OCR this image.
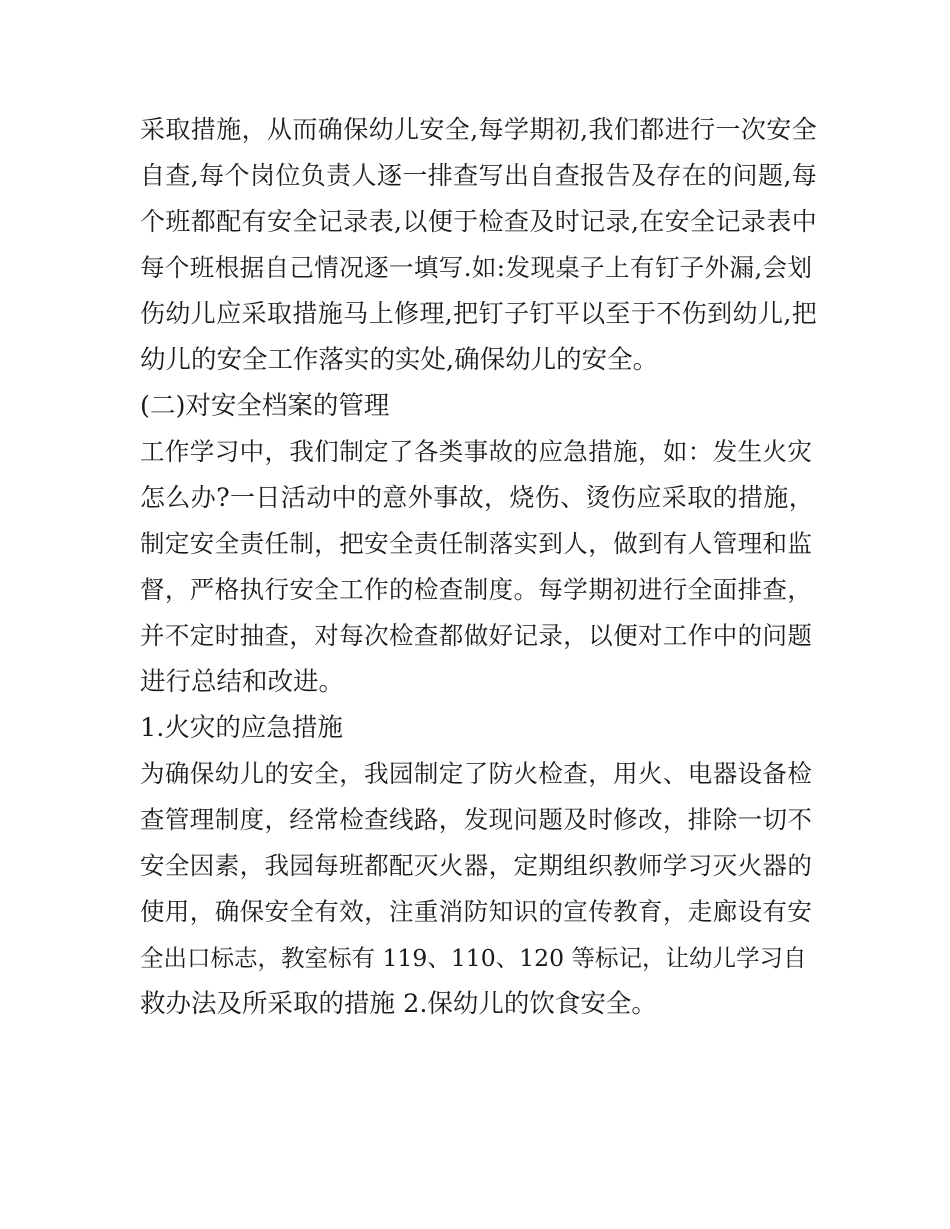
采取措施，从而确保幼儿安全,每学期初,我们都进行一次安全
自查,每个岗位负责人逐一排查写出自查报告及存在的问题,每
个班都配有安全记录表,以便于检查及时记录,在安全记录表中
每个班根据自己情况逐一填写.如:发现桌子上有钉子外漏,会划
伤幼儿应采取措施马上修理,把钉子钉平以至于不伤到幼儿,把
幼儿的安全工作落实的实处,确保幼儿的安全。
(二)对安全档案的管理
工作学习中，我们制定了各类事故的应急措施，如：发生火灾
怎么办?一日活动中的意外事故，烧伤、烫伤应采取的措施，
制定安全责任制，把安全责任制落实到人，做到有人管理和监
督，严格执行安全工作的检查制度。每学期初进行全面排查，
并不定时抽查，对每次检查都做好记录，以便对工作中的问题
进行总结和改进。
1.火灾的应急措施
为确保幼儿的安全，我园制定了防火检查，用火、电器设备检
查管理制度，经常检查线路，发现问题及时修改，排除一切不
安全因素，我园每班都配灭火器，定期组织教师学习灭火器的
使用，确保安全有效，注重消防知识的宣传教育，走廊设有安
全出口标志，教室标有 119、110、120 等标记，让幼儿学习自
救办法及所采取的措施 2.保幼儿的饮食安全。
